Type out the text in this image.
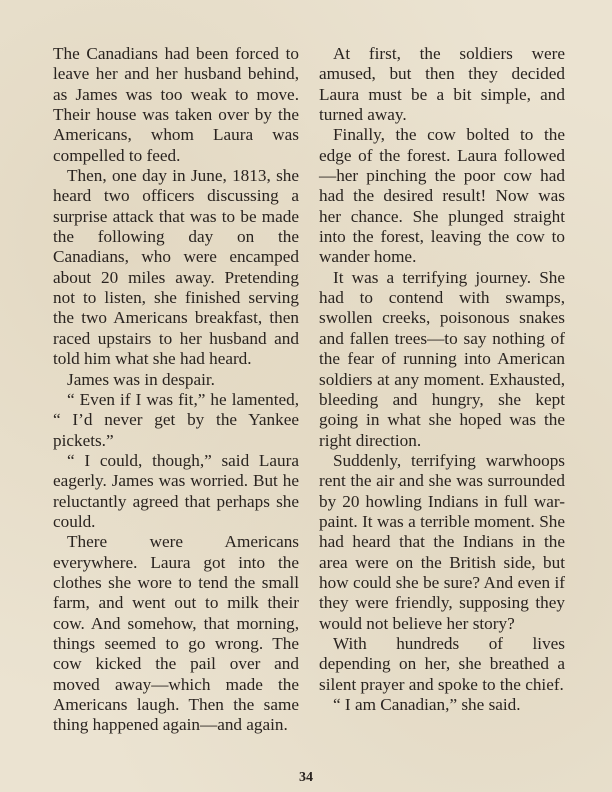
The Canadians had been forced to leave her and her husband behind, as James was too weak to move. Their house was taken over by the Americans, whom Laura was compelled to feed.

Then, one day in June, 1813, she heard two officers discussing a surprise attack that was to be made the following day on the Canadians, who were encamped about 20 miles away. Pretending not to listen, she finished serving the two Americans breakfast, then raced upstairs to her husband and told him what she had heard.

James was in despair.

“ Even if I was fit,” he lamented, “ I’d never get by the Yankee pickets.”

“ I could, though,” said Laura eagerly. James was worried. But he reluctantly agreed that perhaps she could.

There were Americans everywhere. Laura got into the clothes she wore to tend the small farm, and went out to milk their cow. And somehow, that morning, things seemed to go wrong. The cow kicked the pail over and moved away—which made the Americans laugh. Then the same thing happened again—and again.

At first, the soldiers were amused, but then they decided Laura must be a bit simple, and turned away.

Finally, the cow bolted to the edge of the forest. Laura followed—her pinching the poor cow had had the desired result! Now was her chance. She plunged straight into the forest, leaving the cow to wander home.

It was a terrifying journey. She had to contend with swamps, swollen creeks, poisonous snakes and fallen trees—to say nothing of the fear of running into American soldiers at any moment. Exhausted, bleeding and hungry, she kept going in what she hoped was the right direction.

Suddenly, terrifying warwhoops rent the air and she was surrounded by 20 howling Indians in full war-paint. It was a terrible moment. She had heard that the Indians in the area were on the British side, but how could she be sure? And even if they were friendly, supposing they would not believe her story?

With hundreds of lives depending on her, she breathed a silent prayer and spoke to the chief.

“ I am Canadian,” she said.

34
